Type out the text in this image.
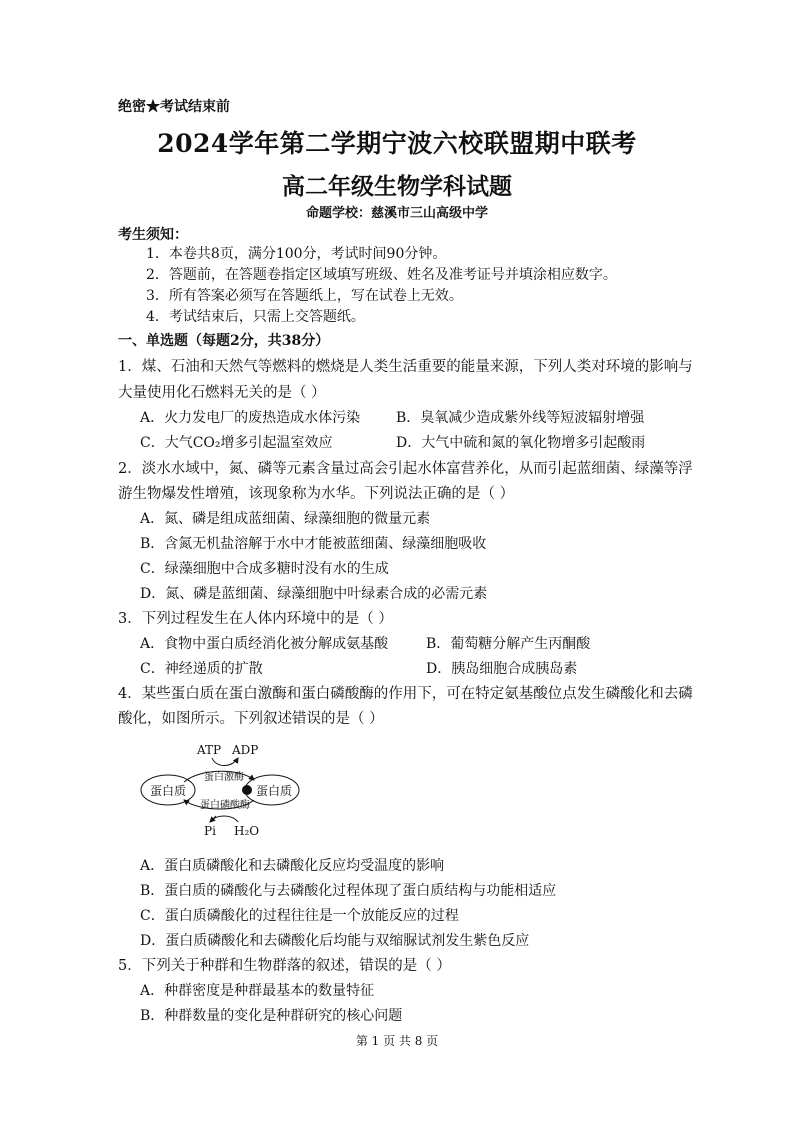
绝密★考试结束前
2024学年第二学期宁波六校联盟期中联考
高二年级生物学科试题
命题学校：慈溪市三山高级中学
考生须知：
1．本卷共8页，满分100分，考试时间90分钟。
2．答题前，在答题卷指定区域填写班级、姓名及准考证号并填涂相应数字。
3．所有答案必须写在答题纸上，写在试卷上无效。
4．考试结束后，只需上交答题纸。
一、单选题（每题2分，共38分）
1．煤、石油和天然气等燃料的燃烧是人类生活重要的能量来源，下列人类对环境的影响与
大量使用化石燃料无关的是（ ）
A．火力发电厂的废热造成水体污染	B．臭氧减少造成紫外线等短波辐射增强
C．大气CO₂增多引起温室效应	D．大气中硫和氮的氧化物增多引起酸雨
2．淡水水域中，氮、磷等元素含量过高会引起水体富营养化，从而引起蓝细菌、绿藻等浮
游生物爆发性增殖，该现象称为水华。下列说法正确的是（ ）
A．氮、磷是组成蓝细菌、绿藻细胞的微量元素
B．含氮无机盐溶解于水中才能被蓝细菌、绿藻细胞吸收
C．绿藻细胞中合成多糖时没有水的生成
D．氮、磷是蓝细菌、绿藻细胞中叶绿素合成的必需元素
3．下列过程发生在人体内环境中的是（ ）
A．食物中蛋白质经消化被分解成氨基酸	B．葡萄糖分解产生丙酮酸
C．神经递质的扩散	D．胰岛细胞合成胰岛素
4．某些蛋白质在蛋白激酶和蛋白磷酸酶的作用下，可在特定氨基酸位点发生磷酸化和去磷
酸化，如图所示。下列叙述错误的是（ ）
ATP ADP
蛋白激酶
蛋白质	蛋白质
蛋白磷酸酶
Pi H₂O
A．蛋白质磷酸化和去磷酸化反应均受温度的影响
B．蛋白质的磷酸化与去磷酸化过程体现了蛋白质结构与功能相适应
C．蛋白质磷酸化的过程往往是一个放能反应的过程
D．蛋白质磷酸化和去磷酸化后均能与双缩脲试剂发生紫色反应
5．下列关于种群和生物群落的叙述，错误的是（ ）
A．种群密度是种群最基本的数量特征
B．种群数量的变化是种群研究的核心问题
第 1 页 共 8 页
